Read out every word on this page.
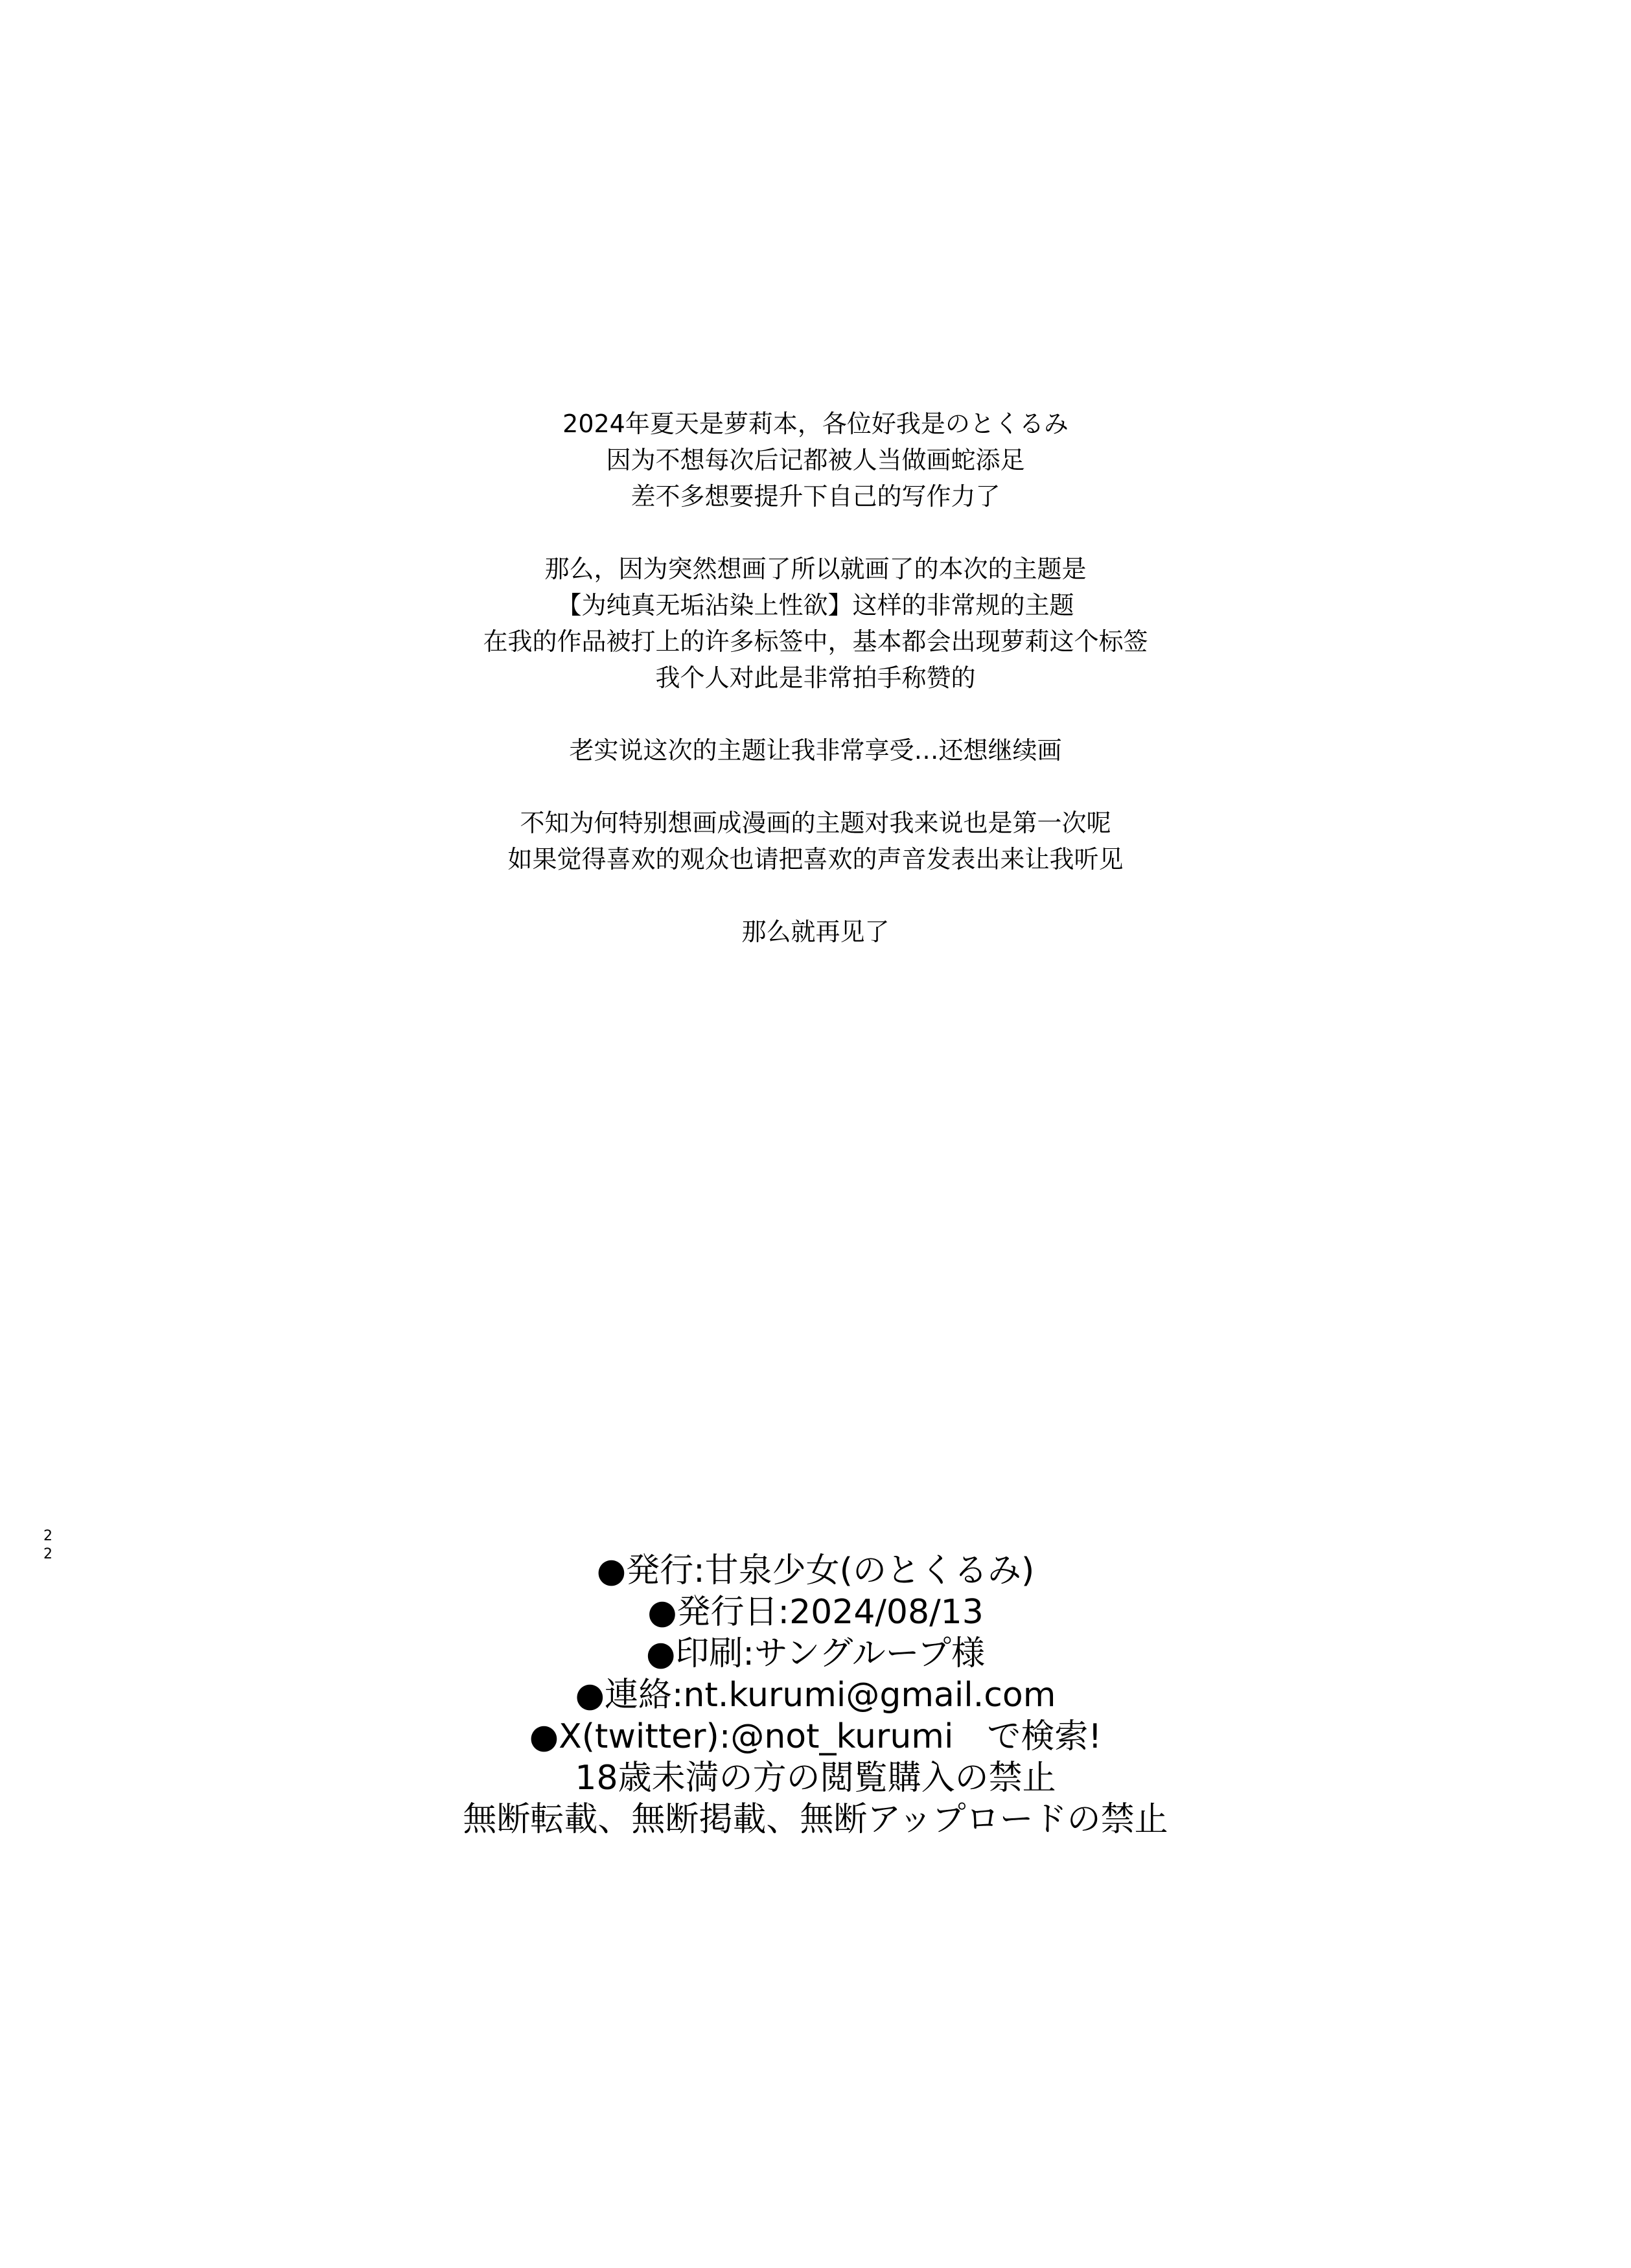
2024年夏天是萝莉本，各位好我是のとくるみ
因为不想每次后记都被人当做画蛇添足
差不多想要提升下自己的写作力了
那么，因为突然想画了所以就画了的本次的主题是
【为纯真无垢沾染上性欲】这样的非常规的主题
在我的作品被打上的许多标签中，基本都会出现萝莉这个标签
我个人对此是非常拍手称赞的
老实说这次的主题让我非常享受…还想继续画
不知为何特别想画成漫画的主题对我来说也是第一次呢
如果觉得喜欢的观众也请把喜欢的声音发表出来让我听见
那么就再见了
●発行:甘泉少女(のとくるみ)
●発行日:2024/08/13
●印刷:サングループ様
●連絡:nt.kurumi@gmail.com
●X(twitter):@not_kurumi　で検索!
18歳未満の方の閲覧購入の禁止
無断転載、無断掲載、無断アップロードの禁止
2
2
